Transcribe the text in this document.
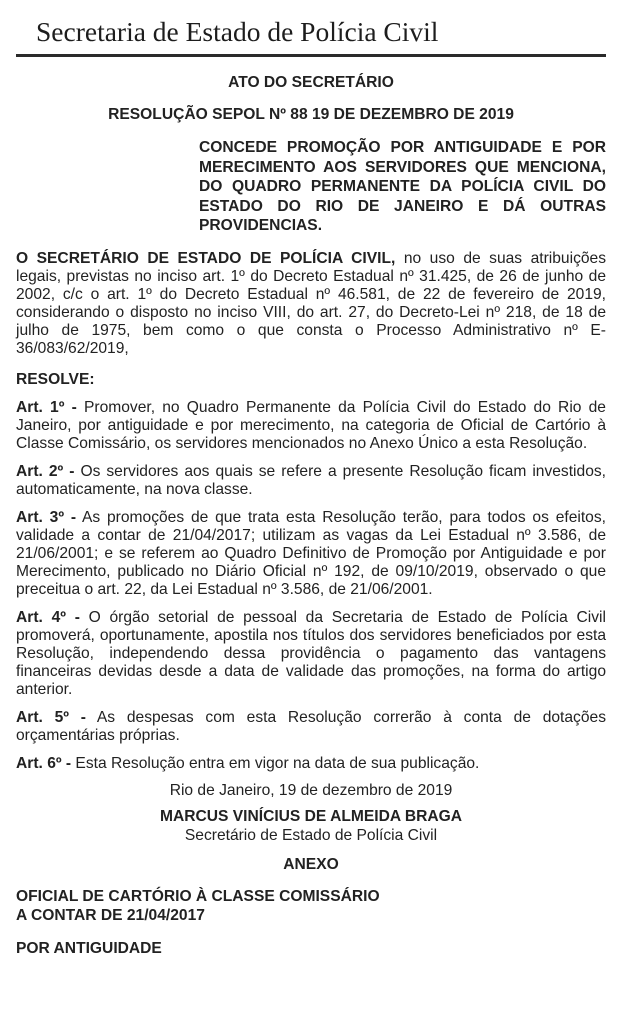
Secretaria de Estado de Polícia Civil
ATO DO SECRETÁRIO
RESOLUÇÃO SEPOL Nº 88 19 DE DEZEMBRO DE 2019
CONCEDE PROMOÇÃO POR ANTIGUIDADE E POR MERECIMENTO AOS SERVIDORES QUE MENCIONA, DO QUADRO PERMANENTE DA POLÍCIA CIVIL DO ESTADO DO RIO DE JANEIRO E DÁ OUTRAS PROVIDENCIAS.
O SECRETÁRIO DE ESTADO DE POLÍCIA CIVIL, no uso de suas atribuições legais, previstas no inciso art. 1º do Decreto Estadual nº 31.425, de 26 de junho de 2002, c/c o art. 1º do Decreto Estadual nº 46.581, de 22 de fevereiro de 2019, considerando o disposto no inciso VIII, do art. 27, do Decreto-Lei nº 218, de 18 de julho de 1975, bem como o que consta o Processo Administrativo nº E-36/083/62/2019,
RESOLVE:
Art. 1º - Promover, no Quadro Permanente da Polícia Civil do Estado do Rio de Janeiro, por antiguidade e por merecimento, na categoria de Oficial de Cartório à Classe Comissário, os servidores mencionados no Anexo Único a esta Resolução.
Art. 2º - Os servidores aos quais se refere a presente Resolução ficam investidos, automaticamente, na nova classe.
Art. 3º - As promoções de que trata esta Resolução terão, para todos os efeitos, validade a contar de 21/04/2017; utilizam as vagas da Lei Estadual nº 3.586, de 21/06/2001; e se referem ao Quadro Definitivo de Promoção por Antiguidade e por Merecimento, publicado no Diário Oficial nº 192, de 09/10/2019, observado o que preceitua o art. 22, da Lei Estadual nº 3.586, de 21/06/2001.
Art. 4º - O órgão setorial de pessoal da Secretaria de Estado de Polícia Civil promoverá, oportunamente, apostila nos títulos dos servidores beneficiados por esta Resolução, independendo dessa providência o pagamento das vantagens financeiras devidas desde a data de validade das promoções, na forma do artigo anterior.
Art. 5º - As despesas com esta Resolução correrão à conta de dotações orçamentárias próprias.
Art. 6º - Esta Resolução entra em vigor na data de sua publicação.
Rio de Janeiro, 19 de dezembro de 2019
MARCUS VINÍCIUS DE ALMEIDA BRAGA
Secretário de Estado de Polícia Civil
ANEXO
OFICIAL DE CARTÓRIO À CLASSE COMISSÁRIO
A CONTAR DE 21/04/2017
POR ANTIGUIDADE
